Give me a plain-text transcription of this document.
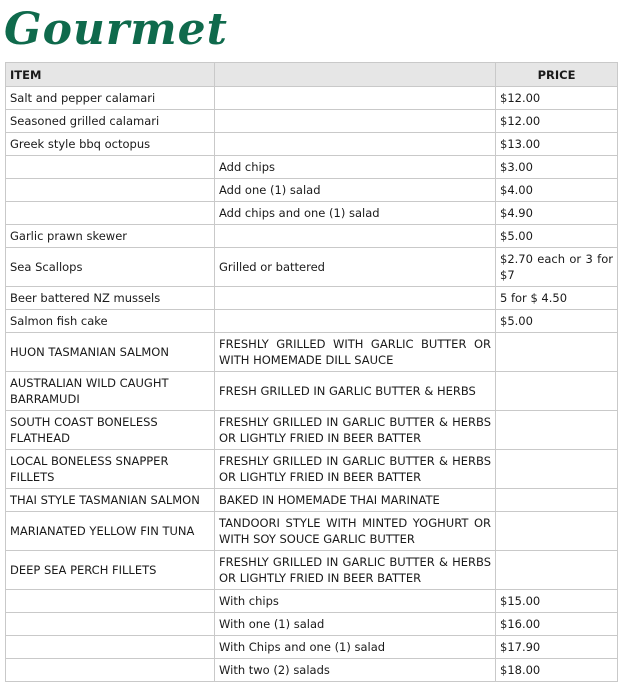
Gourmet
ITEM		PRICE
Salt and pepper calamari		$12.00
Seasoned grilled calamari		$12.00
Greek style bbq octopus		$13.00
	Add chips	$3.00
	Add one (1) salad	$4.00
	Add chips and one (1) salad	$4.90
Garlic prawn skewer		$5.00
Sea Scallops	Grilled or battered	$2.70 each or 3 for $7
Beer battered NZ mussels		5 for $ 4.50
Salmon fish cake		$5.00
HUON TASMANIAN SALMON	FRESHLY GRILLED WITH GARLIC BUTTER OR WITH HOMEMADE DILL SAUCE	
AUSTRALIAN WILD CAUGHT BARRAMUDI	FRESH GRILLED IN GARLIC BUTTER & HERBS	
SOUTH COAST BONELESS FLATHEAD	FRESHLY GRILLED IN GARLIC BUTTER & HERBS OR LIGHTLY FRIED IN BEER BATTER	
LOCAL BONELESS SNAPPER FILLETS	FRESHLY GRILLED IN GARLIC BUTTER & HERBS OR LIGHTLY FRIED IN BEER BATTER	
THAI STYLE TASMANIAN SALMON	BAKED IN HOMEMADE THAI MARINATE	
MARIANATED YELLOW FIN TUNA	TANDOORI STYLE WITH MINTED YOGHURT OR WITH SOY SOUCE GARLIC BUTTER	
DEEP SEA PERCH FILLETS	FRESHLY GRILLED IN GARLIC BUTTER & HERBS OR LIGHTLY FRIED IN BEER BATTER	
	With chips	$15.00
	With one (1) salad	$16.00
	With Chips and one (1) salad	$17.90
	With two (2) salads	$18.00
